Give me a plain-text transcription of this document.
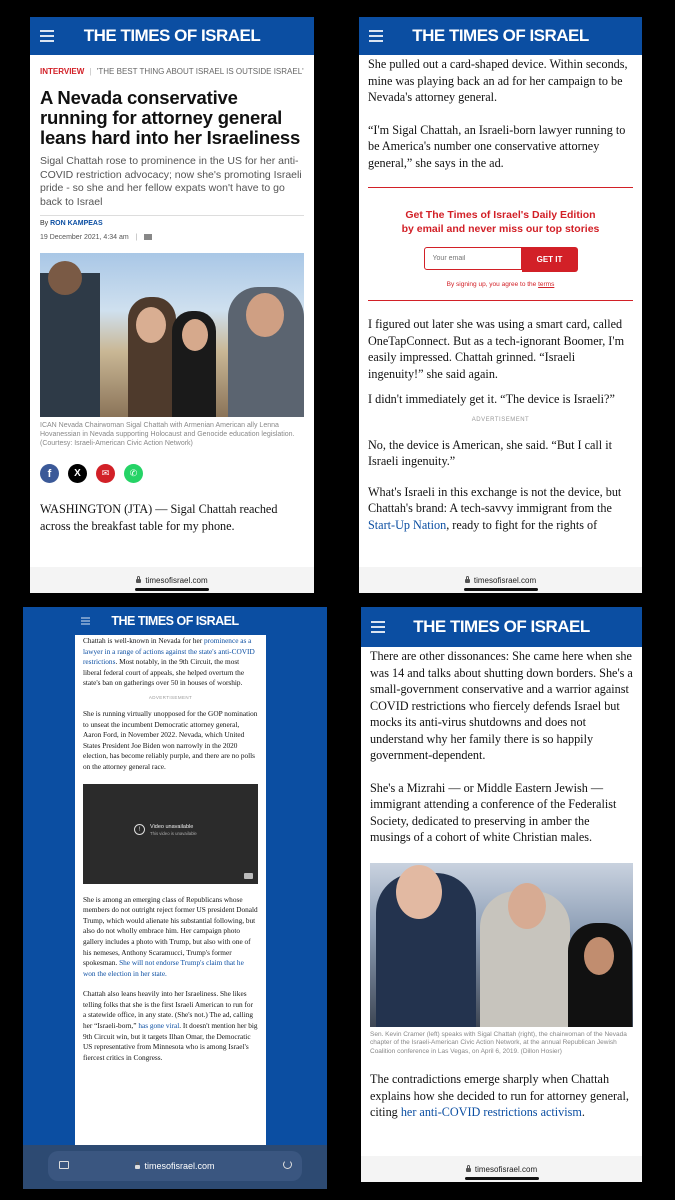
THE TIMES OF ISRAEL
INTERVIEW | 'THE BEST THING ABOUT ISRAEL IS OUTSIDE ISRAEL'
A Nevada conservative running for attorney general leans hard into her Israeliness

Sigal Chattah rose to prominence in the US for her anti-COVID restriction advocacy; now she's promoting Israeli pride - so she and her fellow expats won't have to go back to Israel

By RON KAMPEAS
19 December 2021, 4:34 am |

ICAN Nevada Chairwoman Sigal Chattah with Armenian American ally Lenna Hovanessian in Nevada supporting Holocaust and Genocide education legislation. (Courtesy: Israeli-American Civic Action Network)

f	X	✉	✆

WASHINGTON (JTA) — Sigal Chattah reached across the breakfast table for my phone.

timesofisrael.com
THE TIMES OF ISRAEL

She pulled out a card-shaped device. Within seconds, mine was playing back an ad for her campaign to be Nevada's attorney general.

“I'm Sigal Chattah, an Israeli-born lawyer running to be America's number one conservative attorney general,” she says in the ad.

Get The Times of Israel's Daily Edition
by email and never miss our top stories
Your email
GET IT
By signing up, you agree to the terms

I figured out later she was using a smart card, called OneTapConnect. But as a tech-ignorant Boomer, I'm easily impressed. Chattah grinned. “Israeli ingenuity!” she said again.

I didn't immediately get it. “The device is Israeli?”

ADVERTISEMENT

No, the device is American, she said. “But I call it Israeli ingenuity.”

What's Israeli in this exchange is not the device, but Chattah's brand: A tech-savvy immigrant from the Start-Up Nation, ready to fight for the rights of

timesofisrael.com
THE TIMES OF ISRAEL

Chattah is well-known in Nevada for her prominence as a lawyer in a range of actions against the state's anti-COVID restrictions. Most notably, in the 9th Circuit, the most liberal federal court of appeals, she helped overturn the state's ban on gatherings over 50 in houses of worship.

ADVERTISEMENT

She is running virtually unopposed for the GOP nomination to unseat the incumbent Democratic attorney general, Aaron Ford, in November 2022. Nevada, which United States President Joe Biden won narrowly in the 2020 election, has become reliably purple, and there are no polls on the attorney general race.

!	Video unavailable
This video is unavailable

She is among an emerging class of Republicans whose members do not outright reject former US president Donald Trump, which would alienate his substantial following, but also do not wholly embrace him. Her campaign photo gallery includes a photo with Trump, but also with one of his nemeses, Anthony Scaramucci, Trump's former spokesman. She will not endorse Trump's claim that he won the election in her state.

Chattah also leans heavily into her Israeliness. She likes telling folks that she is the first Israeli American to run for a statewide office, in any state. (She's not.) The ad, calling her “Israeli-born,” has gone viral. It doesn't mention her big 9th Circuit win, but it targets Ilhan Omar, the Democratic US representative from Minnesota who is among Israel's fiercest critics in Congress.

timesofisrael.com
THE TIMES OF ISRAEL

There are other dissonances: She came here when she was 14 and talks about shutting down borders. She's a small-government conservative and a warrior against COVID restrictions who fiercely defends Israel but mocks its anti-virus shutdowns and does not understand why her family there is so happily government-dependent.

She's a Mizrahi — or Middle Eastern Jewish — immigrant attending a conference of the Federalist Society, dedicated to preserving in amber the musings of a cohort of white Christian males.

Sen. Kevin Cramer (left) speaks with Sigal Chattah (right), the chairwoman of the Nevada chapter of the Israeli-American Civic Action Network, at the annual Republican Jewish Coalition conference in Las Vegas, on April 6, 2019. (Dillon Hosier)

The contradictions emerge sharply when Chattah explains how she decided to run for attorney general, citing her anti-COVID restrictions activism.

timesofisrael.com
